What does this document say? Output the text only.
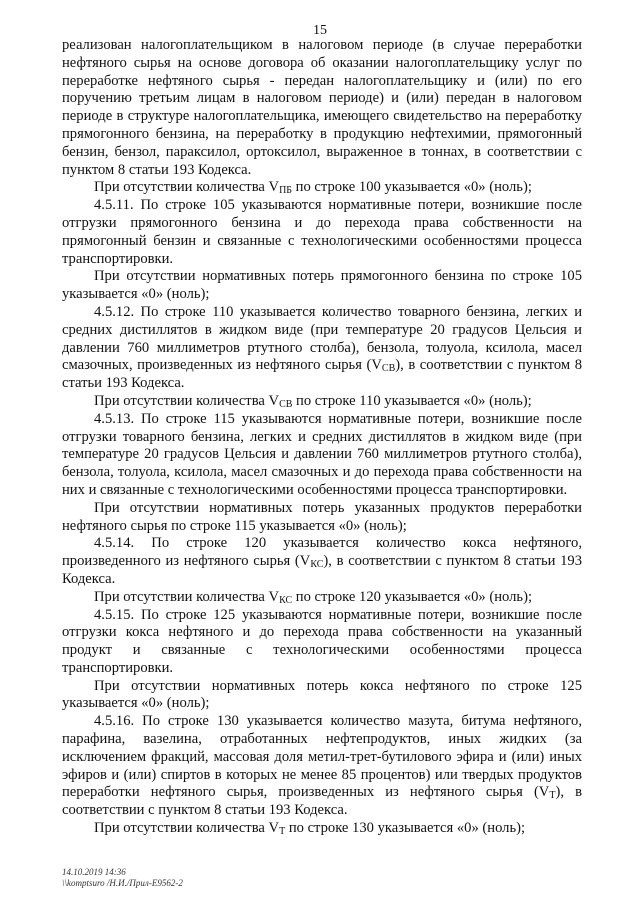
15

реализован налогоплательщиком в налоговом периоде (в случае переработки нефтяного сырья на основе договора об оказании налогоплательщику услуг по переработке нефтяного сырья - передан налогоплательщику и (или) по его поручению третьим лицам в налоговом периоде) и (или) передан в налоговом периоде в структуре налогоплательщика, имеющего свидетельство на переработку прямогонного бензина, на переработку в продукцию нефтехимии, прямогонный бензин, бензол, параксилол, ортоксилол, выраженное в тоннах, в соответствии с пунктом 8 статьи 193 Кодекса.

При отсутствии количества $V_{ПБ}$ по строке 100 указывается «0» (ноль);

4.5.11. По строке 105 указываются нормативные потери, возникшие после отгрузки прямогонного бензина и до перехода права собственности на прямогонный бензин и связанные с технологическими особенностями процесса транспортировки.

При отсутствии нормативных потерь прямогонного бензина по строке 105 указывается «0» (ноль);

4.5.12. По строке 110 указывается количество товарного бензина, легких и средних дистиллятов в жидком виде (при температуре 20 градусов Цельсия и давлении 760 миллиметров ртутного столба), бензола, толуола, ксилола, масел смазочных, произведенных из нефтяного сырья $(V_{СВ})$, в соответствии с пунктом 8 статьи 193 Кодекса.

При отсутствии количества $V_{СВ}$ по строке 110 указывается «0» (ноль);

4.5.13. По строке 115 указываются нормативные потери, возникшие после отгрузки товарного бензина, легких и средних дистиллятов в жидком виде (при температуре 20 градусов Цельсия и давлении 760 миллиметров ртутного столба), бензола, толуола, ксилола, масел смазочных и до перехода права собственности на них и связанные с технологическими особенностями процесса транспортировки.

При отсутствии нормативных потерь указанных продуктов переработки нефтяного сырья по строке 115 указывается «0» (ноль);

4.5.14. По строке 120 указывается количество кокса нефтяного, произведенного из нефтяного сырья $(V_{КС})$, в соответствии с пунктом 8 статьи 193 Кодекса.

При отсутствии количества $V_{КС}$ по строке 120 указывается «0» (ноль);

4.5.15. По строке 125 указываются нормативные потери, возникшие после отгрузки кокса нефтяного и до перехода права собственности на указанный продукт и связанные с технологическими особенностями процесса транспортировки.

При отсутствии нормативных потерь кокса нефтяного по строке 125 указывается «0» (ноль);

4.5.16. По строке 130 указывается количество мазута, битума нефтяного, парафина, вазелина, отработанных нефтепродуктов, иных жидких (за исключением фракций, массовая доля метил-трет-бутилового эфира и (или) иных эфиров и (или) спиртов в которых не менее 85 процентов) или твердых продуктов переработки нефтяного сырья, произведенных из нефтяного сырья $(V_Т)$, в соответствии с пунктом 8 статьи 193 Кодекса.

При отсутствии количества $V_Т$ по строке 130 указывается «0» (ноль);

14.10.2019 14:36
\\komptsuro /Н.И./Прил-Е9562-2
